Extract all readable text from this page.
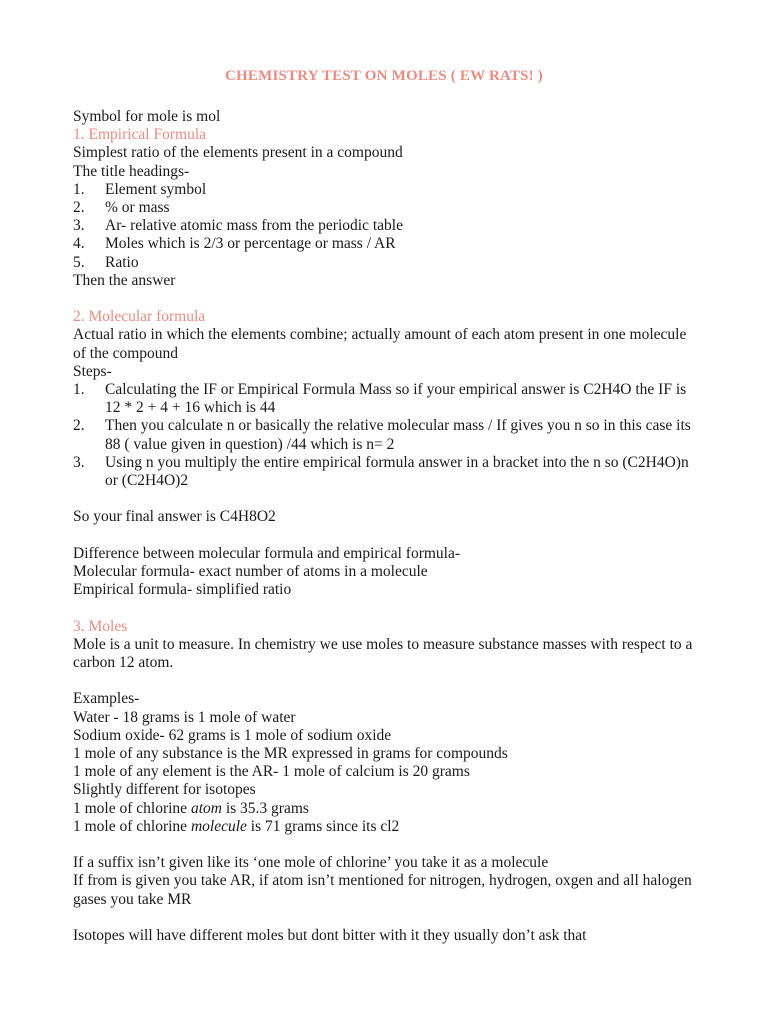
CHEMISTRY TEST ON MOLES ( EW RATS! )

Symbol for mole is mol

1. Empirical Formula

Simplest ratio of the elements present in a compound

The title headings-

1. Element symbol
2. % or mass
3. Ar- relative atomic mass from the periodic table
4. Moles which is 2/3 or percentage or mass / AR
5. Ratio

Then the answer

2. Molecular formula

Actual ratio in which the elements combine; actually amount of each atom present in one molecule of the compound

Steps-

1. Calculating the IF or Empirical Formula Mass so if your empirical answer is C2H4O the IF is 12 * 2 + 4 + 16 which is 44
2. Then you calculate n or basically the relative molecular mass / If gives you n so in this case its 88 ( value given in question) /44 which is n= 2
3. Using n you multiply the entire empirical formula answer in a bracket into the n so (C2H4O)n or (C2H4O)2

So your final answer is C4H8O2

Difference between molecular formula and empirical formula-

Molecular formula- exact number of atoms in a molecule

Empirical formula- simplified ratio

3. Moles

Mole is a unit to measure. In chemistry we use moles to measure substance masses with respect to a carbon 12 atom.

Examples-

Water - 18 grams is 1 mole of water

Sodium oxide- 62 grams is 1 mole of sodium oxide

1 mole of any substance is the MR expressed in grams for compounds

1 mole of any element is the AR- 1 mole of calcium is 20 grams

Slightly different for isotopes

1 mole of chlorine atom is 35.3 grams

1 mole of chlorine molecule is 71 grams since its cl2

If a suffix isn’t given like its ‘one mole of chlorine’ you take it as a molecule

If from is given you take AR, if atom isn’t mentioned for nitrogen, hydrogen, oxgen and all halogen gases you take MR

Isotopes will have different moles but dont bitter with it they usually don’t ask that
